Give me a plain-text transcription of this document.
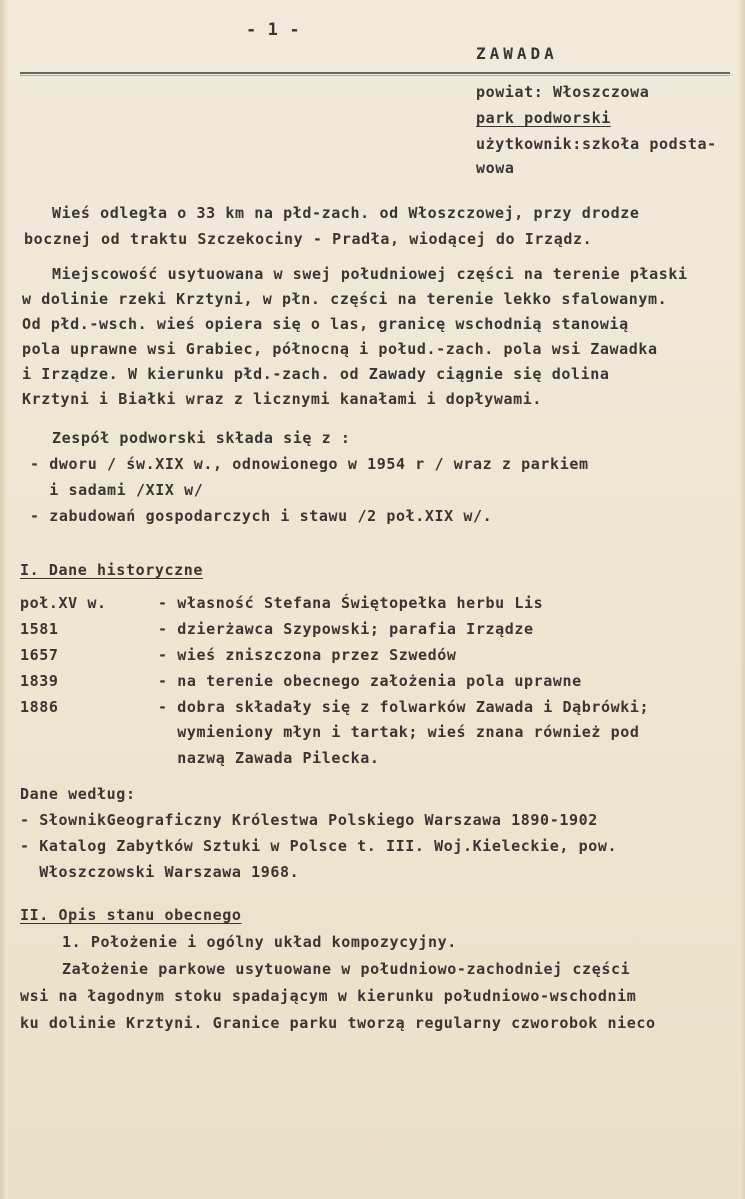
- 1 -
ZAWADA
powiat: Włoszczowa
park podworski
użytkownik:szkoła podsta-
wowa
Wieś odległa o 33 km na płd-zach. od Włoszczowej, przy drodze
bocznej od traktu Szczekociny - Pradła, wiodącej do Irządz.
Miejscowość usytuowana w swej południowej części na terenie płaski
w dolinie rzeki Krztyni, w płn. części na terenie lekko sfalowanym.
Od płd.-wsch. wieś opiera się o las, granicę wschodnią stanowią
pola uprawne wsi Grabiec, północną i połud.-zach. pola wsi Zawadka
i Irządze. W kierunku płd.-zach. od Zawady ciągnie się dolina
Krztyni i Białki wraz z licznymi kanałami i dopływami.
Zespół podworski składa się z :
- dworu / św.XIX w., odnowionego w 1954 r / wraz z parkiem
i sadami /XIX w/
- zabudowań gospodarczych i stawu /2 poł.XIX w/.
I. Dane historyczne
poł.XV w.	- własność Stefana Świętopełka herbu Lis
1581	- dzierżawca Szypowski; parafia Irządze
1657	- wieś zniszczona przez Szwedów
1839	- na terenie obecnego założenia pola uprawne
1886	- dobra składały się z folwarków Zawada i Dąbrówki;
wymieniony młyn i tartak; wieś znana również pod
nazwą Zawada Pilecka.
Dane według:
- SłownikGeograficzny Królestwa Polskiego Warszawa 1890-1902
- Katalog Zabytków Sztuki w Polsce t. III. Woj.Kieleckie, pow.
Włoszczowski Warszawa 1968.
II. Opis stanu obecnego
1. Położenie i ogólny układ kompozycyjny.
Założenie parkowe usytuowane w południowo-zachodniej części
wsi na łagodnym stoku spadającym w kierunku południowo-wschodnim
ku dolinie Krztyni. Granice parku tworzą regularny czworobok nieco
